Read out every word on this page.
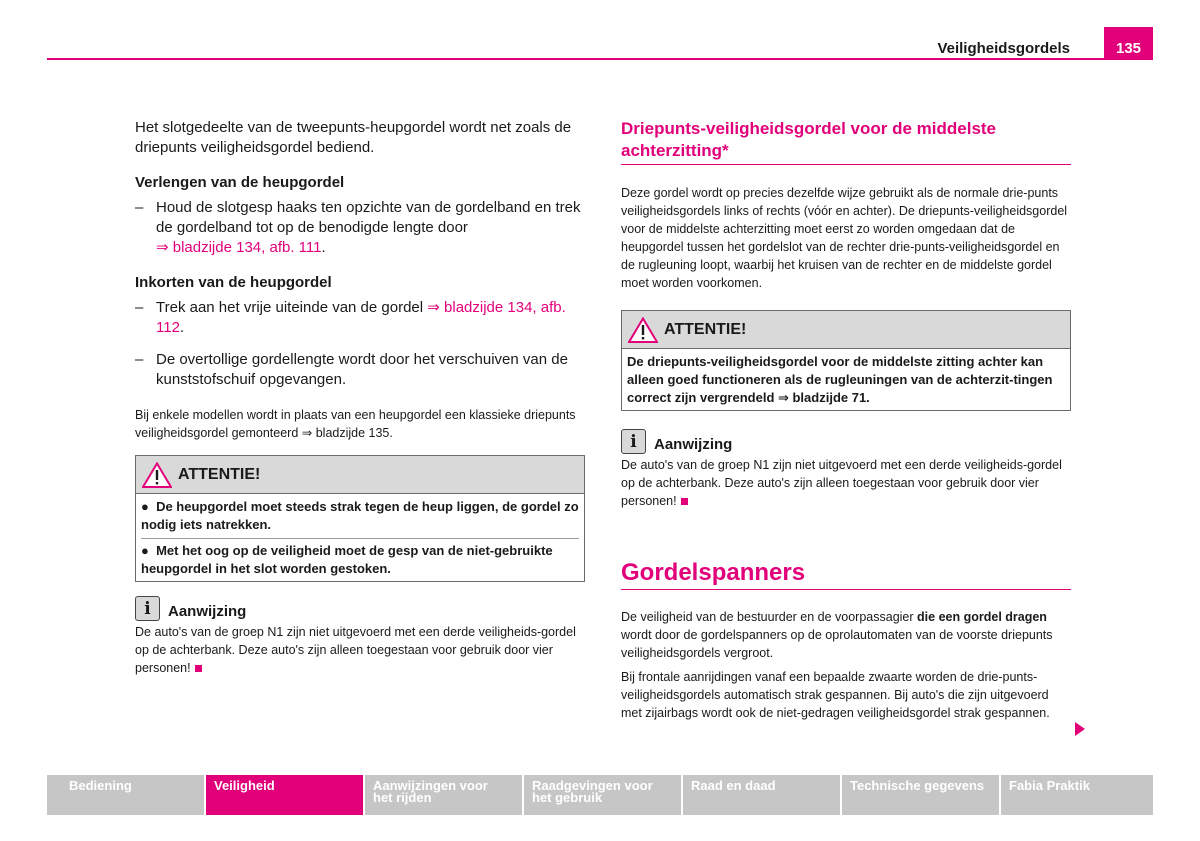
Veiligheidsgordels	135

Het slotgedeelte van de tweepunts-heupgordel wordt net zoals de driepunts veiligheidsgordel bediend.

Verlengen van de heupgordel

– Houd de slotgesp haaks ten opzichte van de gordelband en trek de gordelband tot op de benodigde lengte door
⇒ bladzijde 134, afb. 111.

Inkorten van de heupgordel

– Trek aan het vrije uiteinde van de gordel ⇒ bladzijde 134, afb. 112.
– De overtollige gordellengte wordt door het verschuiven van de kunststofschuif opgevangen.

Bij enkele modellen wordt in plaats van een heupgordel een klassieke driepunts veiligheidsgordel gemonteerd ⇒ bladzijde 135.

ATTENTIE!
●  De heupgordel moet steeds strak tegen de heup liggen, de gordel zo nodig iets natrekken.
●  Met het oog op de veiligheid moet de gesp van de niet-gebruikte heupgordel in het slot worden gestoken.
i	Aanwijzing

De auto's van de groep N1 zijn niet uitgevoerd met een derde veiligheids-gordel op de achterbank. Deze auto's zijn alleen toegestaan voor gebruik door vier personen!

Driepunts-veiligheidsgordel voor de middelste achterzitting*

Deze gordel wordt op precies dezelfde wijze gebruikt als de normale drie-punts veiligheidsgordels links of rechts (vóór en achter). De driepunts-veiligheidsgordel voor de middelste achterzitting moet eerst zo worden omgedaan dat de heupgordel tussen het gordelslot van de rechter drie-punts-veiligheidsgordel en de rugleuning loopt, waarbij het kruisen van de rechter en de middelste gordel moet worden voorkomen.

ATTENTIE!
De driepunts-veiligheidsgordel voor de middelste zitting achter kan alleen goed functioneren als de rugleuningen van de achterzit-tingen correct zijn vergrendeld ⇒ bladzijde 71.
i	Aanwijzing

De auto's van de groep N1 zijn niet uitgevoerd met een derde veiligheids-gordel op de achterbank. Deze auto's zijn alleen toegestaan voor gebruik door vier personen!

Gordelspanners

De veiligheid van de bestuurder en de voorpassagier die een gordel dragen wordt door de gordelspanners op de oprolautomaten van de voorste driepunts veiligheidsgordels vergroot.

Bij frontale aanrijdingen vanaf een bepaalde zwaarte worden de drie-punts-veiligheidsgordels automatisch strak gespannen. Bij auto's die zijn uitgevoerd met zijairbags wordt ook de niet-gedragen veiligheidsgordel strak gespannen.

Bediening	Veiligheid	Aanwijzingen voor
het rijden
Raadgevingen voor
het gebruik
Raad en daad	Technische gegevens	Fabia Praktik
